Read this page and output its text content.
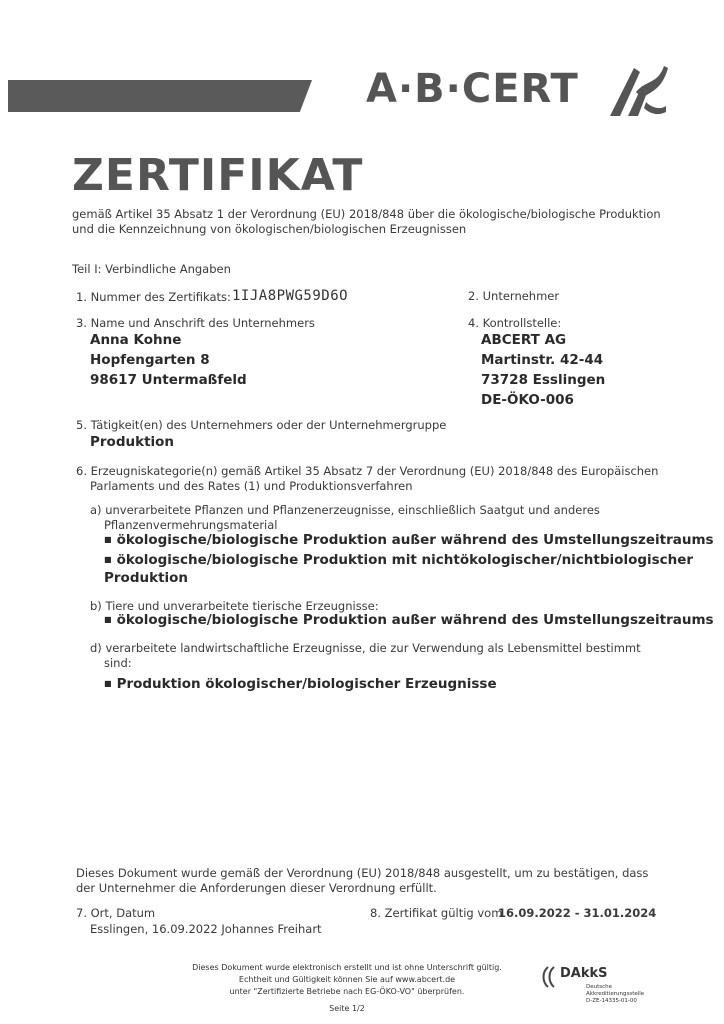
A·B·CERT
ZERTIFIKAT
gemäß Artikel 35 Absatz 1 der Verordnung (EU) 2018/848 über die ökologische/biologische Produktion
und die Kennzeichnung von ökologischen/biologischen Erzeugnissen
Teil I: Verbindliche Angaben
1. Nummer des Zertifikats: 1IJA8PWG59D6O	2. Unternehmer
3. Name und Anschrift des Unternehmers
Anna Kohne
Hopfengarten 8
98617 Untermaßfeld
4. Kontrollstelle:
ABCERT AG
Martinstr. 42-44
73728 Esslingen
DE-ÖKO-006
5. Tätigkeit(en) des Unternehmers oder der Unternehmergruppe
Produktion
6. Erzeugniskategorie(n) gemäß Artikel 35 Absatz 7 der Verordnung (EU) 2018/848 des Europäischen
Parlaments und des Rates (1) und Produktionsverfahren
a) unverarbeitete Pflanzen und Pflanzenerzeugnisse, einschließlich Saatgut und anderes
Pflanzenvermehrungsmaterial
■ ökologische/biologische Produktion außer während des Umstellungszeitraums
■ ökologische/biologische Produktion mit nichtökologischer/nichtbiologischer
Produktion
b) Tiere und unverarbeitete tierische Erzeugnisse:
■ ökologische/biologische Produktion außer während des Umstellungszeitraums
d) verarbeitete landwirtschaftliche Erzeugnisse, die zur Verwendung als Lebensmittel bestimmt
sind:
■ Produktion ökologischer/biologischer Erzeugnisse
Dieses Dokument wurde gemäß der Verordnung (EU) 2018/848 ausgestellt, um zu bestätigen, dass
der Unternehmer die Anforderungen dieser Verordnung erfüllt.
7. Ort, Datum
Esslingen, 16.09.2022 Johannes Freihart
8. Zertifikat gültig vom
16.09.2022 - 31.01.2024
Dieses Dokument wurde elektronisch erstellt und ist ohne Unterschrift gültig.
Echtheit und Gültigkeit können Sie auf www.abcert.de
unter "Zertifizierte Betriebe nach EG-ÖKO-VO" überprüfen.
Seite 1/2
DAkkS
Deutsche
Akkreditierungsstelle
D-ZE-14335-01-00
